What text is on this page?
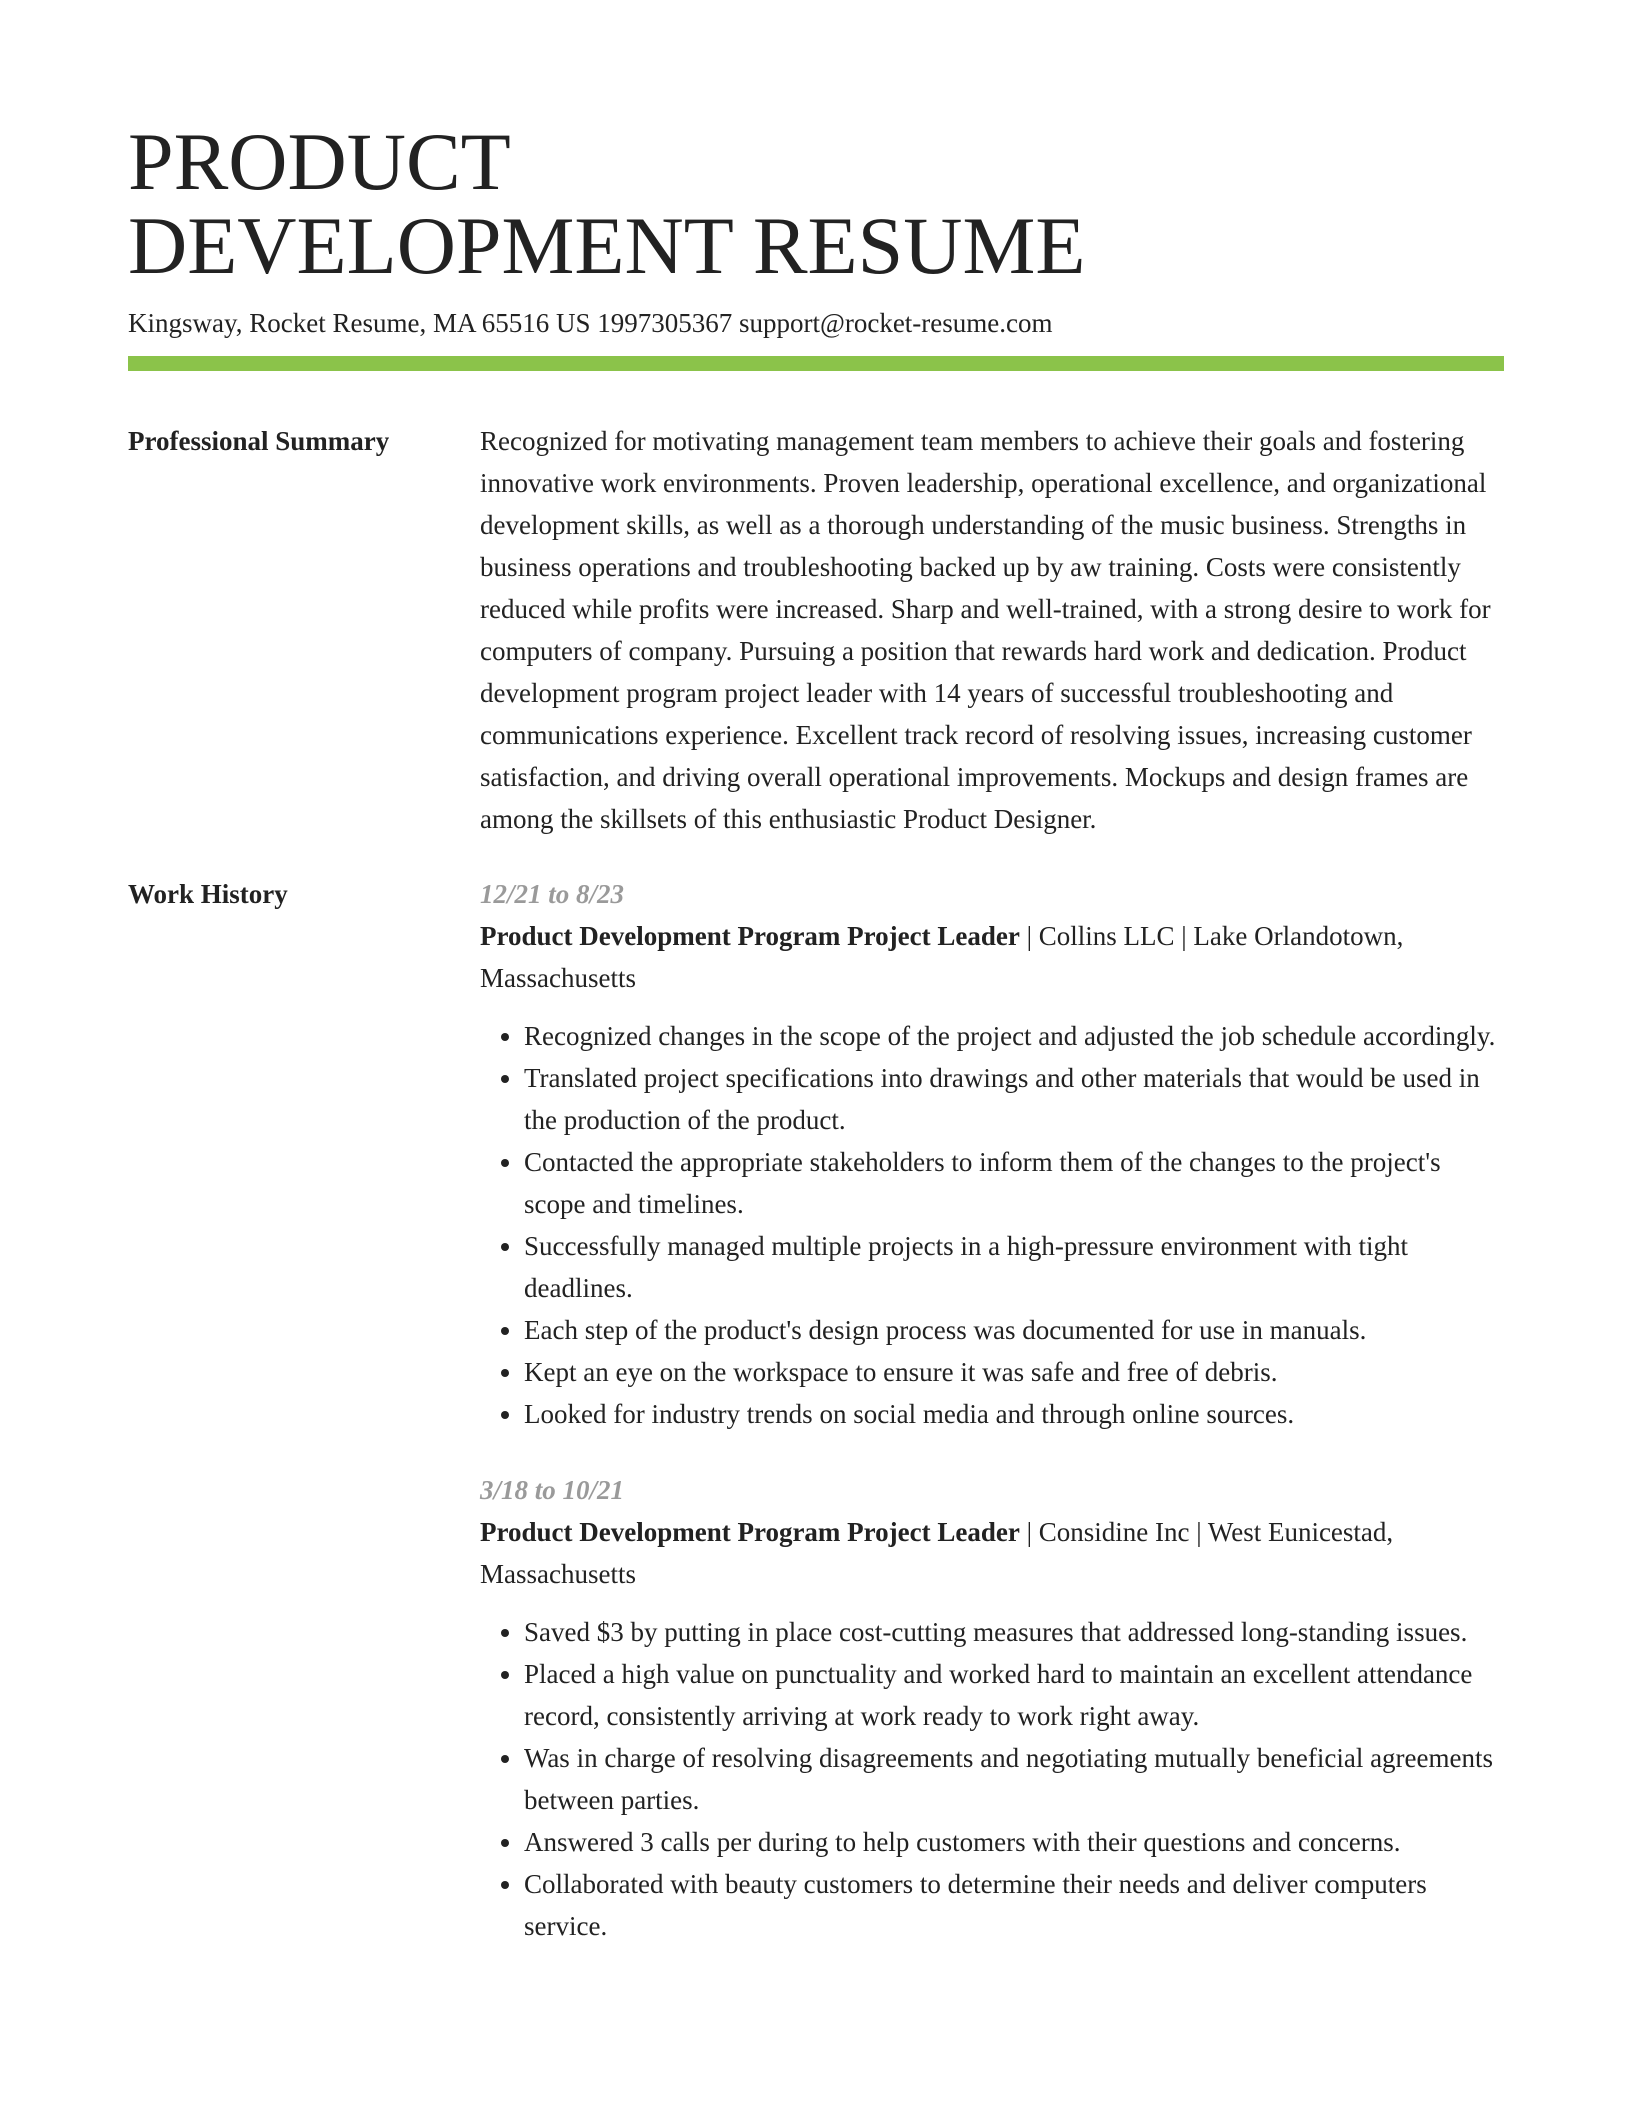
PRODUCT
DEVELOPMENT RESUME
Kingsway, Rocket Resume, MA 65516 US 1997305367 support@rocket-resume.com
Professional Summary	Recognized for motivating management team members to achieve their goals and fostering innovative work environments. Proven leadership, operational excellence, and organizational development skills, as well as a thorough understanding of the music business. Strengths in business operations and troubleshooting backed up by aw training. Costs were consistently reduced while profits were increased. Sharp and well-trained, with a strong desire to work for computers of company. Pursuing a position that rewards hard work and dedication. Product development program project leader with 14 years of successful troubleshooting and communications experience. Excellent track record of resolving issues, increasing customer satisfaction, and driving overall operational improvements. Mockups and design frames are among the skillsets of this enthusiastic Product Designer.

Work History	12/21 to 8/23

Product Development Program Project Leader | Collins LLC | Lake Orlandotown, Massachusetts

• Recognized changes in the scope of the project and adjusted the job schedule accordingly.
• Translated project specifications into drawings and other materials that would be used in the production of the product.
• Contacted the appropriate stakeholders to inform them of the changes to the project's scope and timelines.
• Successfully managed multiple projects in a high-pressure environment with tight deadlines.
• Each step of the product's design process was documented for use in manuals.
• Kept an eye on the workspace to ensure it was safe and free of debris.
• Looked for industry trends on social media and through online sources.
3/18 to 10/21

Product Development Program Project Leader | Considine Inc | West Eunicestad, Massachusetts

• Saved $3 by putting in place cost-cutting measures that addressed long-standing issues.
• Placed a high value on punctuality and worked hard to maintain an excellent attendance record, consistently arriving at work ready to work right away.
• Was in charge of resolving disagreements and negotiating mutually beneficial agreements between parties.
• Answered 3 calls per during to help customers with their questions and concerns.
• Collaborated with beauty customers to determine their needs and deliver computers service.
